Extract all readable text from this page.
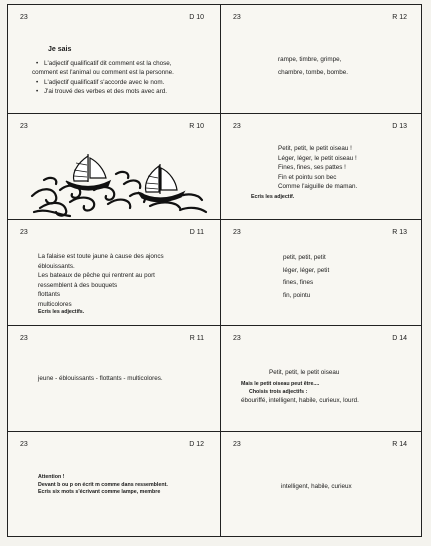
23	D 10
Je sais
• L'adjectif qualificatif dit comment est la chose,
comment est l'animal ou comment est la personne.
• L'adjectif qualificatif s'accorde avec le nom.
• J'ai trouvé des verbes et des mots avec ard.
23	R 12
rampe, timbre, grimpe,
chambre, tombe, bombe.
23	R 10	23	D 13
Petit, petit, le petit oiseau !
Léger, léger, le petit oiseau !
Fines, fines, ses pattes !
Fin et pointu son bec
Comme l'aiguille de maman.
Ecris les adjectif.
23	D 11
La falaise est toute jaune à cause des ajoncs
éblouissants.
Les bateaux de pêche qui rentrent au port
ressemblent à des bouquets
flottants
multicolores
Ecris les adjectifs.
23	R 13
petit, petit, petit
léger, léger, petit
fines, fines
fin, pointu
23	R 11
jeune - éblouissants - flottants - multicolores.
23	D 14
Petit, petit, le petit oiseau
Mais le petit oiseau peut être....
Choisis trois adjectifs :
ébouriffé, intelligent, habile, curieux, lourd.
23	D 12
Attention !
Devant b ou p on écrit m comme dans ressemblent.
Ecris six mots s'écrivant comme lampe, membre
23	R 14
intelligent, habile, curieux
